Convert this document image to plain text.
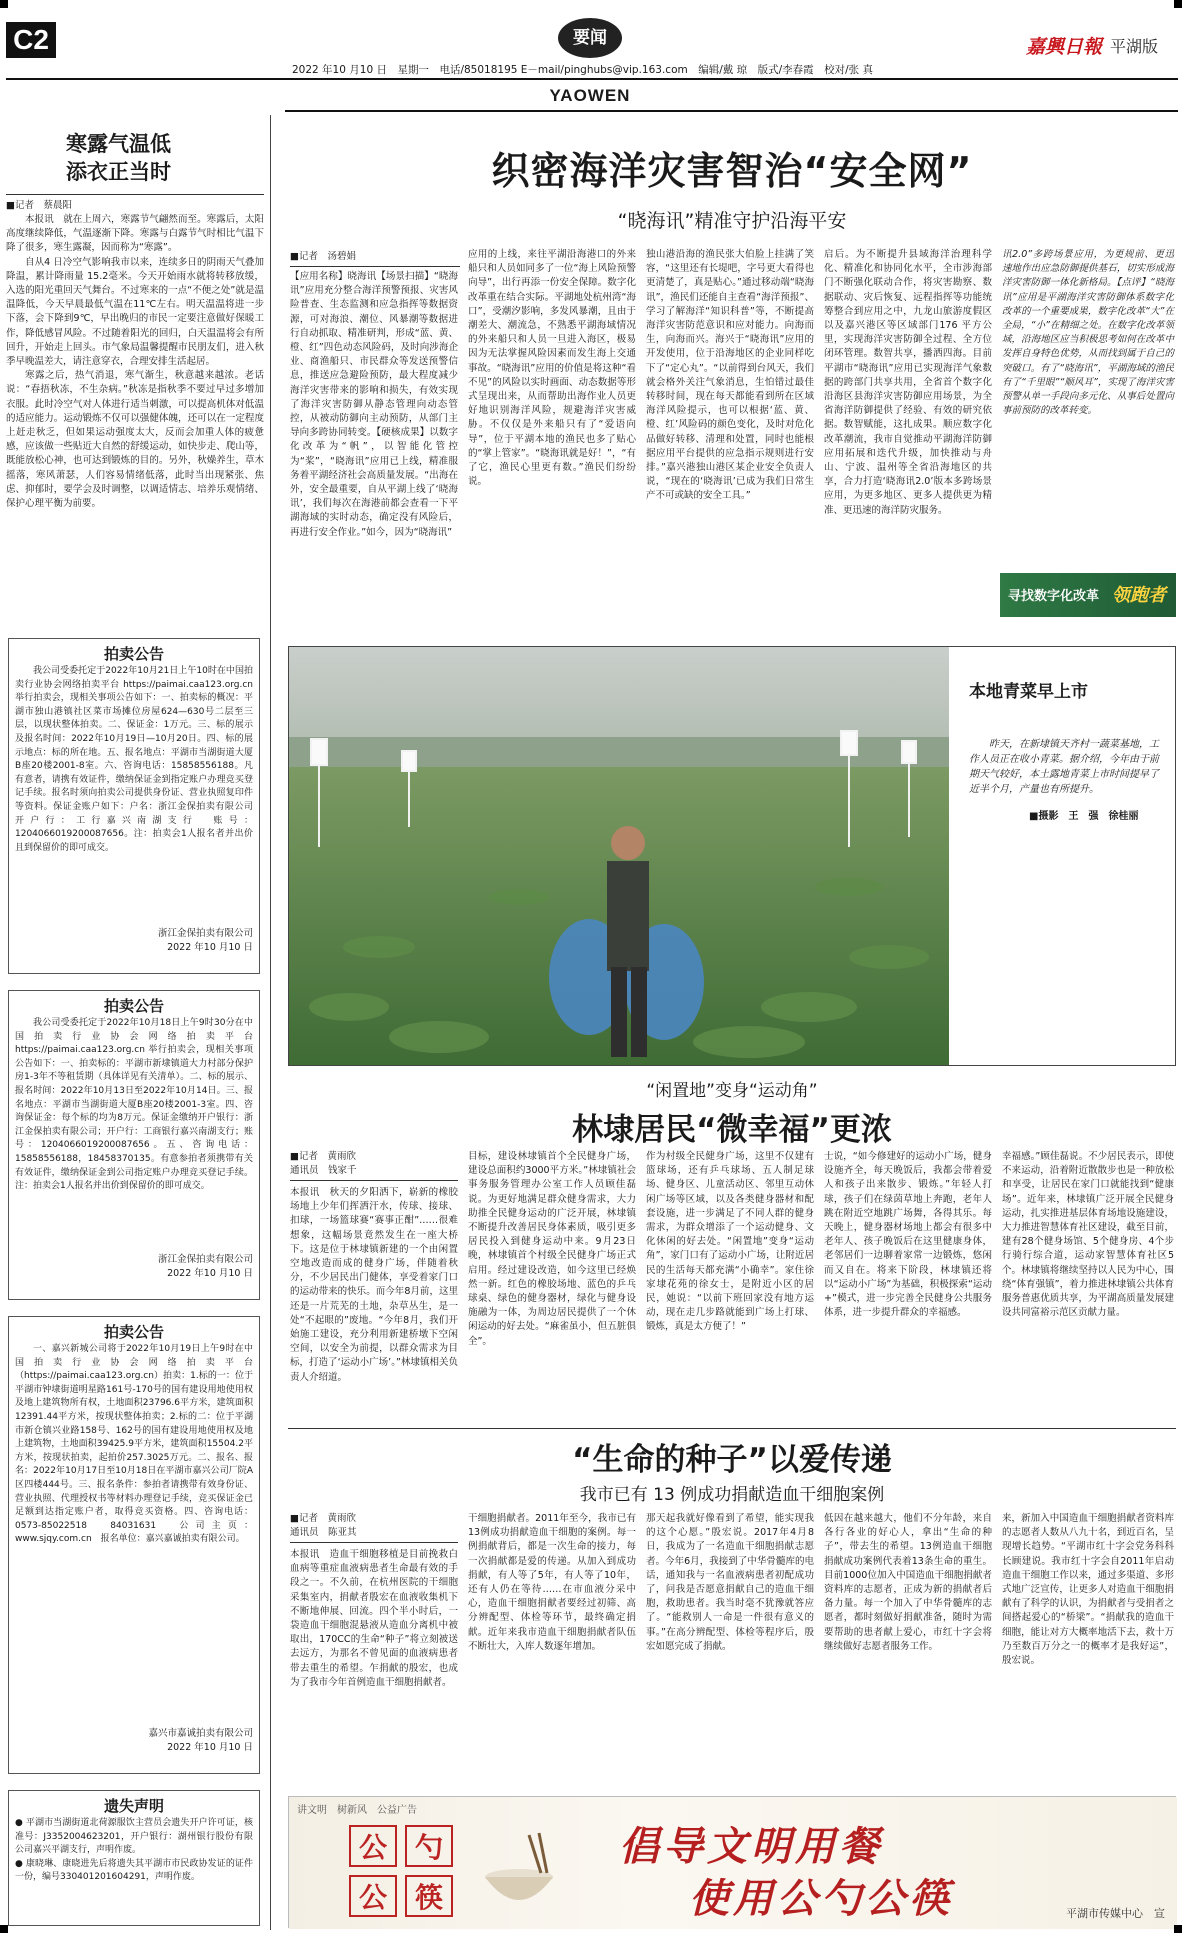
C2	要闻	嘉興日報 平湖版
2022 年10 月10 日　星期一　电话/85018195 E－mail/pinghubs@vip.163.com　编辑/戴 琼　版式/李春霞　校对/张 真
YAOWEN
寒露气温低
添衣正当时
■记者　蔡晨阳

本报讯　就在上周六，寒露节气翩然而至。寒露后，太阳高度继续降低，气温逐渐下降。寒露与白露节气时相比气温下降了很多，寒生露凝，因而称为“寒露”。

自从4 日冷空气影响我市以来，连续多日的阴雨天气叠加降温，累计降雨量 15.2毫米。今天开始雨水就将转移放缓，入选的阳光重回天气舞台。不过寒来的一点“不便之处”就是温温降低，今天早晨最低气温在11℃左右。明天温温将进一步下落，会下降到9℃，早出晚归的市民一定要注意做好保暖工作，降低感冒风险。不过随着阳光的回归，白天温温将会有所回升，开始走上回头。市气象局温馨提醒市民朋友们，进入秋季早晚温差大，请注意穿衣，合理安排生活起居。

寒露之后，热气消退，寒气渐生，秋意越来越浓。老话说：“春捂秋冻，不生杂病。”秋冻是指秋季不要过早过多增加衣服。此时冷空气对人体进行适当刺激，可以提高机体对低温的适应能力。运动锻炼不仅可以强健体魄，还可以在一定程度上赶走秋乏，但如果运动强度太大，反而会加重人体的疲惫感，应该做一些贴近大自然的舒缓运动，如快步走、爬山等，既能放松心神，也可达到锻炼的目的。另外，秋燥养生，草木摇落，寒风萧瑟，人们容易情绪低落，此时当出现紧张、焦虑、抑郁时，要学会及时调整，以调适情志、培养乐观情绪、保护心理平衡为前要。

拍卖公告
我公司受委托定于2022年10月21日上午10时在中国拍卖行业协会网络拍卖平台 https://paimai.caa123.org.cn 举行拍卖会，现相关事项公告如下：一、拍卖标的概况：平湖市独山港镇社区菜市场摊位房屋624—630号二层至三层，以现状整体拍卖。二、保证金：1万元。三、标的展示及报名时间：2022年10月19日—10月20日。四、标的展示地点：标的所在地。五、报名地点：平湖市当湖街道大厦B座20楼2001-8室。六、咨询电话：15858556188。凡有意者，请携有效证件，缴纳保证金到指定账户办理竞买登记手续。报名时须向拍卖公司提供身份证、营业执照复印件等资料。保证金账户如下：户名：浙江金保拍卖有限公司　开户行：工行嘉兴南湖支行　账号：1204066019200087656。注：拍卖会1人报名者并出价且到保留价的即可成交。
浙江金保拍卖有限公司
2022 年10 月10 日
拍卖公告
我公司受委托定于2022年10月18日上午9时30分在中国拍卖行业协会网络拍卖平台 https://paimai.caa123.org.cn 举行拍卖会，现相关事项公告如下：一、拍卖标的：平湖市新埭镇道大力村部分保护房1-3年不等租赁期（具体详见有关清单）。二、标的展示、报名时间：2022年10月13日至2022年10月14日。三、报名地点：平湖市当湖街道大厦B座20楼2001-3室。四、咨询保证金：每个标的均为8万元。保证金缴纳开户银行：浙江金保拍卖有限公司；开户行：工商银行嘉兴南湖支行；账号：1204066019200087656。五、咨询电话：15858556188，18458370135。有意参拍者须携带有关有效证件，缴纳保证金到公司指定账户办理竞买登记手续。注：拍卖会1人报名并出价到保留价的即可成交。
浙江金保拍卖有限公司
2022 年10 月10 日
拍卖公告
一、嘉兴新城公司将于2022年10月19日上午9时在中国拍卖行业协会网络拍卖平台（https://paimai.caa123.org.cn）拍卖：1.标的一：位于平湖市钟埭街道明星路161号-170号的国有建设用地使用权及地上建筑物所有权，土地面积23796.6平方米，建筑面积12391.44平方米，按现状整体拍卖；2.标的二：位于平湖市新仓镇兴业路158号、162号的国有建设用地使用权及地上建筑物，土地面积39425.9平方米，建筑面积15504.2平方米，按现状拍卖，起拍价257.3025万元。二、报名、报名：2022年10月17日至10月18日在平湖市嘉兴公司厂院A区四楼444号。三、报名条件：参拍者请携带有效身份证、营业执照、代理授权书等材料办理登记手续，竞买保证金已足额到达指定账户者，取得竞买资格。四、咨询电话：0573-85022518　84031631　公司主页：www.sjqy.com.cn　报名单位：嘉兴嘉诚拍卖有限公司。
嘉兴市嘉诚拍卖有限公司
2022 年10 月10 日
遗失声明
● 平湖市当湖街道北荷源服饮主营员会遗失开户许可证，核准号：J3352004623201，开户银行：湖州银行股份有限公司嘉兴平湖支行，声明作废。
● 康晓琳、康晓进先后将遗失其平湖市市民政协发证的证件一份，编号330401201604291，声明作废。
织密海洋灾害智治“安全网”
“晓海讯”精准守护沿海平安
■记者　汤碧娟
【应用名称】晓海讯【场景扫描】“晓海讯”应用充分整合海洋预警预报、灾害风险普查、生态监测和应急指挥等数据资源，可对海浪、潮位、风暴潮等数据进行自动抓取、精准研判，形成“蓝、黄、橙、红”四色动态风险码，及时向涉海企业、商渔船只、市民群众等发送预警信息，推送应急避险预防，最大程度减少海洋灾害带来的影响和损失，有效实现了海洋灾害防御从静态管理向动态管控，从被动防御向主动预防，从部门主导向多跨协同转变。【硬核成果】以数字化改革为“帆”，以智能化管控为“桨”，“晓海讯”应用已上线，精准服务着平湖经济社会高质量发展。“出海在外，安全最重要，自从平湖上线了‘晓海讯’，我们每次在海港前都会查看一下平湖海域的实时动态，确定没有风险后，再进行安全作业。”如今，因为“晓海讯”
应用的上线，来往平湖沿海港口的外来船只和人员如同多了一位“海上风险预警向导”，出行再添一份安全保障。数字化改革重在结合实际。平湖地处杭州湾“海口”，受潮汐影响，多发风暴潮，且由于潮差大、潮流急，不熟悉平湖海域情况的外来船只和人员一旦进入海区，极易因为无法掌握风险因素而发生海上交通事故。“晓海讯”应用的价值是将这种“看不见”的风险以实时画面、动态数据等形式呈现出来，从而帮助出海作业人员更好地识别海洋风险，规避海洋灾害威胁。不仅仅是外来船只有了“爱语向导”，位于平湖本地的渔民也多了贴心的“掌上管家”。“晓海讯就是好！”，“有了它，渔民心里更有数。”渔民们纷纷说。
独山港沿海的渔民张大伯脸上挂满了笑容，“这里还有长堤吧，字号更大看得也更清楚了，真是贴心。”通过移动端“晓海讯”，渔民们还能自主查看“海洋预报”、学习了解海洋“知识科普”等，不断提高海洋灾害防范意识和应对能力。向海而生，向海而兴。海兴于“晓海讯”应用的开发使用，位于沿海地区的企业同样吃下了“定心丸”。“以前得到台风天，我们就会格外关注气象消息，生怕错过最佳转移时间，现在每天都能看到所在区域海洋风险提示，也可以根据‘蓝、黄、橙、红’风险码的颜色变化，及时对危化品做好转移、清理和处置，同时也能根据应用平台提供的应急指示规则进行安排。”嘉兴港独山港区某企业安全负责人说，“现在的‘晓海讯’已成为我们日常生产不可或缺的安全工具。”
启后。为不断提升县域海洋治理科学化、精准化和协同化水平，全市涉海部门不断强化联动合作，将灾害勘察、数据联动、灾后恢复、远程指挥等功能统筹整合到应用之中，九龙山旅游度假区以及嘉兴港区等区域部门176 平方公里，实现海洋灾害防御全过程、全方位闭环管理。数智共享，播洒四海。目前平湖市“晓海讯”应用已实现海洋气象数据的跨部门共享共用，全省首个数字化沿海区县海洋灾害防御应用场景，为全省海洋防御提供了经验、有效的研究依据。数智赋能，这扎成果。顺应数字化改革潮流，我市自觉推动平湖海洋防御应用拓展和迭代升级，加快推动与舟山、宁波、温州等全省沿海地区的共享，合力打造‘晓海讯2.0’版本多跨场景应用，为更多地区、更多人提供更为精准、更迅速的海洋防灾服务。
讯2.0”多跨场景应用，为更规前、更迅速地作出应急防御提供基石，切实形成海洋灾害防御一体化新格局。【点评】“晓海讯”应用是平湖海洋灾害防御体系数字化改革的一个重要成果，数字化改革“大”在全局，“小”在精细之处。在数字化改革领域，沿海地区应当积极思考如何在改革中发挥自身特色优势，从而找到属于自己的突破口。有了“晓海讯”，平湖海域的渔民有了“千里眼”“顺风耳”，实现了海洋灾害预警从单一手段向多元化、从事后处置向事前预防的改革转变。
寻找数字化改革 领跑者
本地青菜早上市
昨天，在新埭镇天齐村一蔬菜基地，工作人员正在收小青菜。据介绍，今年由于前期天气较好，本土露地青菜上市时间提早了近半个月，产量也有所提升。
■摄影　王　强　徐桂丽
“闲置地”变身“运动角”
林埭居民“微幸福”更浓
■记者　黄雨欣
通讯员　钱家千
本报讯　秋天的夕阳洒下，崭新的橡胶场地上少年们挥洒汗水，传球、接球、扣球，一场篮球赛“赛事正酣”……很难想象，这幅场景竟然发生在一座大桥下。这是位于林埭镇新建的一个由闲置空地改造而成的健身广场，伴随着秋分，不少居民出门健体，享受着家门口的运动带来的快乐。而今年8月前，这里还是一片荒芜的土地，杂草丛生，是一处“不起眼的”废地。“今年8月，我们开始施工建设，充分利用新建桥墩下空闲空间，以安全为前提，以群众需求为目标，打造了‘运动小广场’。”林埭镇相关负责人介绍道。
目标，建设林埭镇首个全民健身广场，建设总面积约3000平方米。”林埭镇社会事务服务管理办公室工作人员顾佳磊说。为更好地满足群众健身需求，大力助推全民健身运动的广泛开展，林埭镇不断提升改善居民身体素质，吸引更多居民投入到健身运动中来。9月23日晚，林埭镇首个村级全民健身广场正式启用。经过建设改造，如今这里已经焕然一新。红色的橡胶场地、蓝色的乒乓球桌、绿色的健身器材，绿化与健身设施融为一体，为周边居民提供了一个休闲运动的好去处。“麻雀虽小，但五脏俱全”。
作为村级全民健身广场，这里不仅建有篮球场，还有乒乓球场、五人制足球场、健身区、儿童活动区、邻里互动休闲广场等区域，以及各类健身器材和配套设施，进一步满足了不同人群的健身需求，为群众增添了一个运动健身、文化休闲的好去处。“闲置地”变身“运动角”，家门口有了运动小广场，让附近居民的生活每天都充满“小确幸”。家住徐家埭花苑的徐女士，是附近小区的居民，她说：“以前下班回家没有地方运动，现在走几步路就能到广场上打球、锻炼，真是太方便了！”
士说，“如今修建好的运动小广场，健身设施齐全，每天晚饭后，我都会带着爱人和孩子出来散步、锻炼。”年轻人打球，孩子们在绿茵草地上奔跑，老年人跳在附近空地跳广场舞，各得其乐。每天晚上，健身器材场地上都会有很多中老年人、孩子晚饭后在这里健康身体，老邻居们一边聊着家常一边锻炼，悠闲而又自在。将来下阶段，林埭镇还将以“运动小广场”为基础，积极探索“运动+”模式，进一步完善全民健身公共服务体系，进一步提升群众的幸福感。
幸福感。”顾佳磊说。不少居民表示，即使不来运动，沿着附近散散步也是一种放松和享受，让居民在家门口就能找到“健康场”。近年来，林埭镇广泛开展全民健身运动，扎实推进基层体育场地设施建设，大力推进智慧体育社区建设，截至目前，建有28个健身场馆、5个健身房、4个步行骑行综合道，运动家智慧体育社区5个。林埭镇将继续坚持以人民为中心，围绕“体育强镇”，着力推进林埭镇公共体育服务普惠优质共享，为平湖高质量发展建设共同富裕示范区贡献力量。
“生命的种子”以爱传递
我市已有 13 例成功捐献造血干细胞案例
■记者　黄雨欣
通讯员　陈亚其
本报讯　造血干细胞移植是目前挽救白血病等重症血液病患者生命最有效的手段之一。不久前，在杭州医院的干细胞采集室内，捐献者殷宏在血液收集机下不断地伸展、回流。四个半小时后，一袋造血干细胞混悬液从造血分离机中被取出，170CC的生命“种子”将立刻被送去远方，为那名不曾见面的血液病患者带去重生的希望。乍捐献的殷宏，也成为了我市今年首例造血干细胞捐献者。
干细胞捐献者。2011年至今，我市已有13例成功捐献造血干细胞的案例。每一例捐献背后，都是一次生命的接力，每一次捐献都是爱的传递。从加入到成功捐献，有人等了5年，有人等了10年，还有人仍在等待……在市血液分采中心，造血干细胞捐献者要经过初筛、高分辨配型、体检等环节，最终确定捐献。近年来我市造血干细胞捐献者队伍不断壮大，入库人数逐年增加。
那天起我就好像看到了希望，能实现我的这个心愿。”殷宏说。2017年4月8日，我成为了一名造血干细胞捐献志愿者。今年6月，我接到了中华骨髓库的电话，通知我与一名血液病患者初配成功了，问我是否愿意捐献自己的造血干细胞，救助患者。我当时毫不犹豫就答应了。“能救别人一命是一件很有意义的事。”在高分辨配型、体检等程序后，殷宏如愿完成了捐献。
低因在越来越大，他们不分年龄，来自各行各业的好心人，拿出“生命的种子”，带去生的希望。13例造血干细胞捐献成功案例代表着13条生命的重生。目前1000位加入中国造血干细胞捐献者资料库的志愿者，正成为新的捐献者后备力量。每一个加入了中华骨髓库的志愿者，都时刻做好捐献准备，随时为需要帮助的患者献上爱心，市红十字会将继续做好志愿者服务工作。
来，新加入中国造血干细胞捐献者资料库的志愿者人数从八九十名，到近百名，呈现增长趋势。“平湖市红十字会党务科科长顾建说。我市红十字会自2011年启动造血干细胞工作以来，通过多渠道、多形式地广泛宣传，让更多人对造血干细胞捐献有了科学的认识，为捐献者与受捐者之间搭起爱心的“桥梁”。“捐献我的造血干细胞，能让对方大概率地活下去，救十万乃至数百万分之一的概率才是我好运”，殷宏说。
讲文明　树新风　公益广告
公 勺
公 筷
倡导文明用餐
使用公勺公筷	平湖市传媒中心　宣
